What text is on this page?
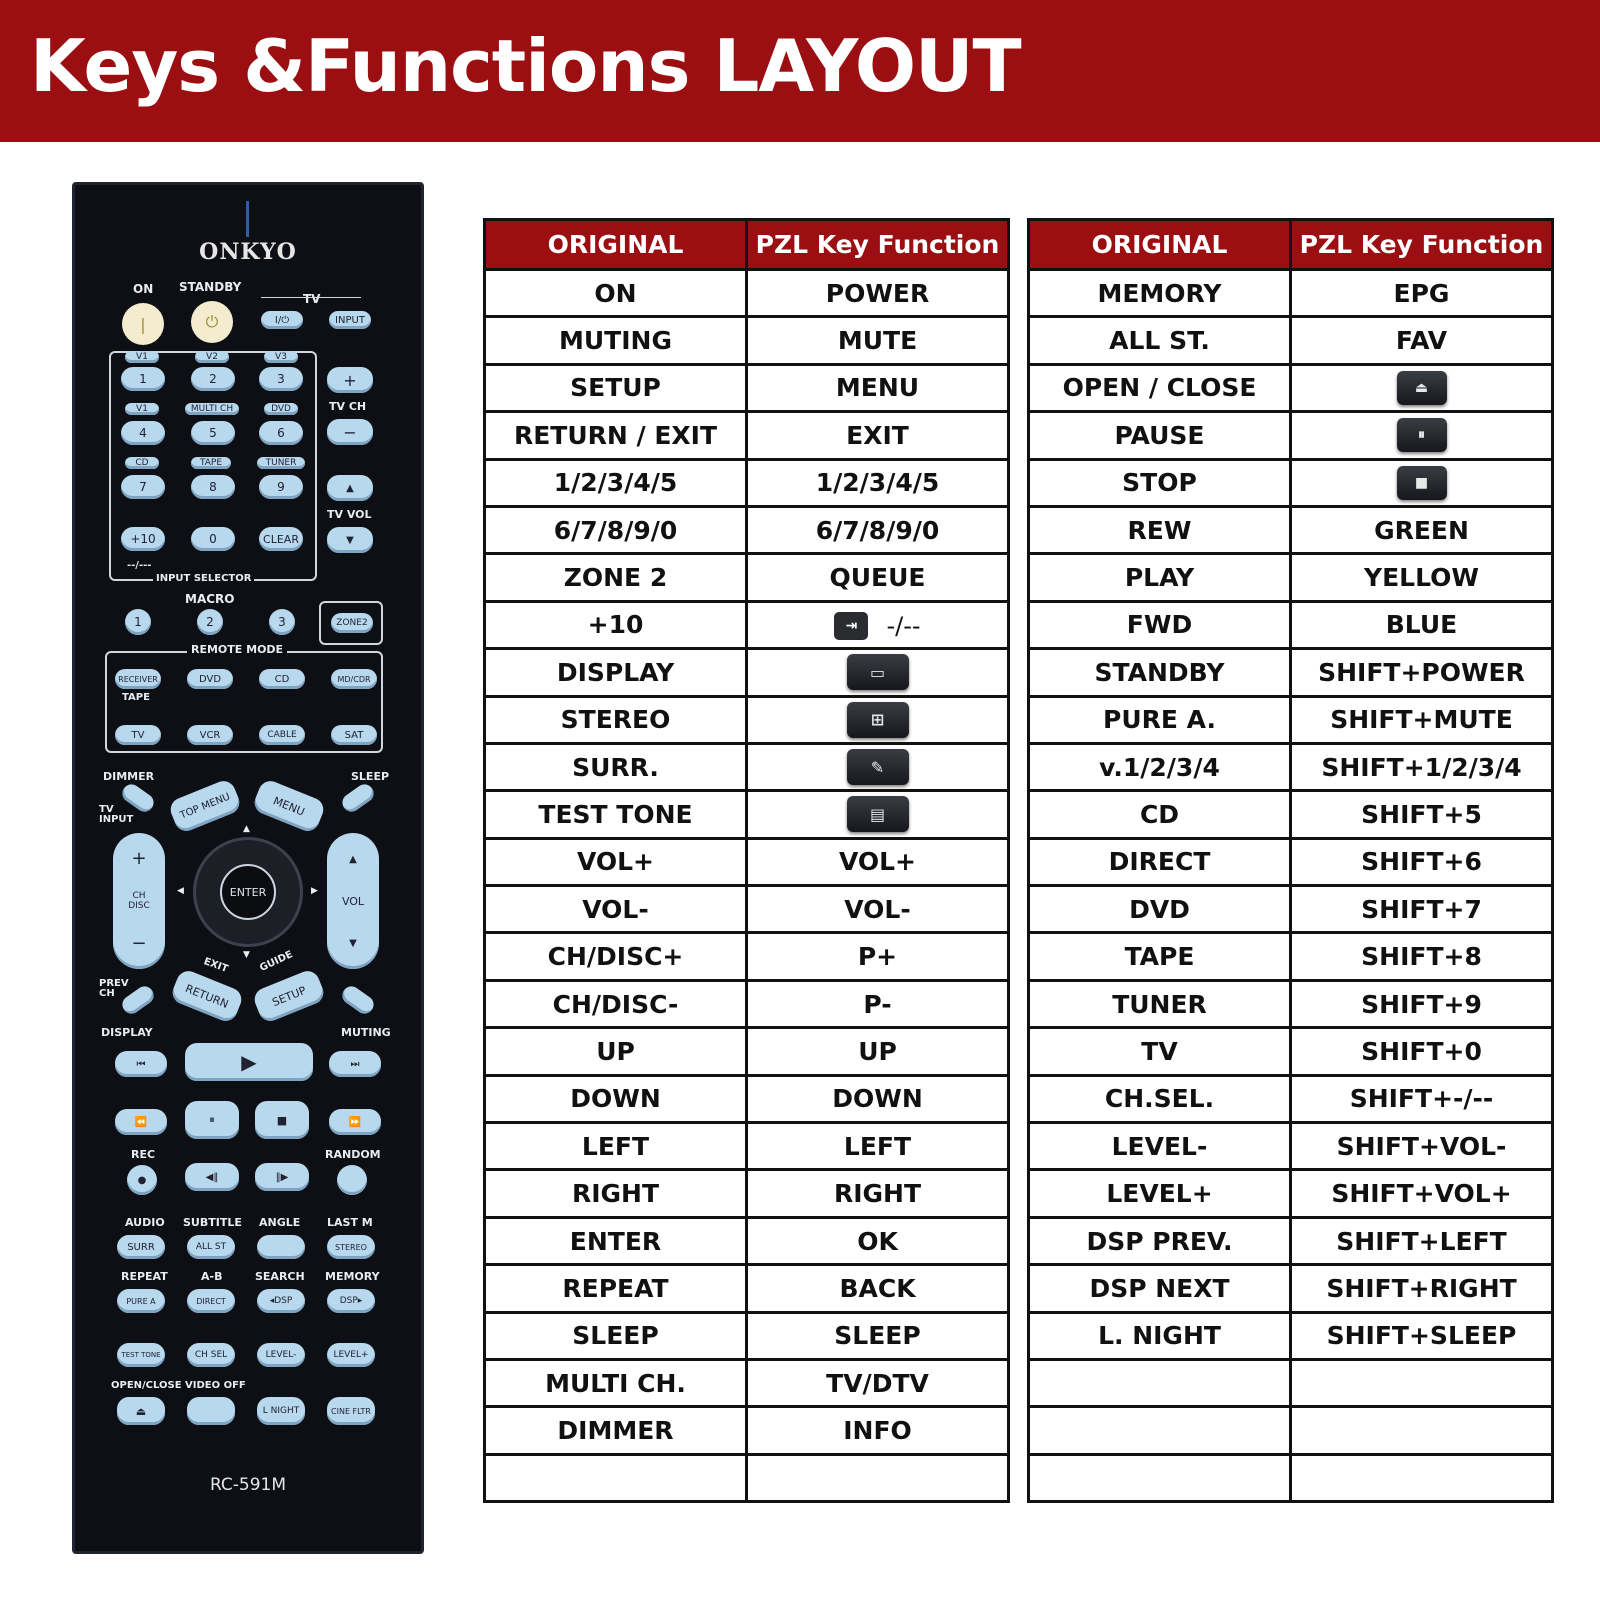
Keys &Functions LAYOUT
ONKYO
ON STANDBY
TV
|	⏻	I/⏻	INPUT
INPUT SELECTOR
V1	V2	V3
1	2	3
V1	MULTI CH	DVD
4	5	6
CD	TAPE	TUNER
7	8	9
+10	0	CLEAR
--/---
+
TV CH
−
▲
TV VOL
▼
MACRO
1	2	3	ZONE2
REMOTE MODE
RECEIVER
TAPE
DVD	CD	MD/CDR
TV	VCR	CABLE	SAT
DIMMER	SLEEP
TV INPUT	TOP MENU	MENU
+
CH DISC
−
▲
VOL
▼
ENTER
▲
▼
◀	▶
EXIT	GUIDE
RETURN	SETUP
PREV CH
DISPLAY	MUTING
⏮	▶	⏭
⏪	⏸	■	⏩
REC	RANDOM
●	◀‖	‖▶
AUDIO SUBTITLE ANGLE LAST M
SURR	ALL ST	STEREO
REPEAT	A-B	SEARCH MEMORY
PURE A	DIRECT	◂DSP	DSP▸
TEST TONE	CH SEL	LEVEL-	LEVEL+
OPEN/CLOSE VIDEO OFF
⏏	L NIGHT	CINE FLTR
RC-591M
ORIGINAL	PZL Key Function
ON	POWER
MUTING	MUTE
SETUP	MENU
RETURN / EXIT	EXIT
1/2/3/4/5	1/2/3/4/5
6/7/8/9/0	6/7/8/9/0
ZONE 2	QUEUE
+10	⇥ -/--
DISPLAY	▭
STEREO	⊞
SURR.	✎
TEST TONE	▤
VOL+	VOL+
VOL-	VOL-
CH/DISC+	P+
CH/DISC-	P-
UP	UP
DOWN	DOWN
LEFT	LEFT
RIGHT	RIGHT
ENTER	OK
REPEAT	BACK
SLEEP	SLEEP
MULTI CH.	TV/DTV
DIMMER	INFO

ORIGINAL	PZL Key Function
MEMORY	EPG
ALL ST.	FAV
OPEN / CLOSE	⏏
PAUSE	⏸
STOP	■
REW	GREEN
PLAY	YELLOW
FWD	BLUE
STANDBY	SHIFT+POWER
PURE A.	SHIFT+MUTE
v.1/2/3/4	SHIFT+1/2/3/4
CD	SHIFT+5
DIRECT	SHIFT+6
DVD	SHIFT+7
TAPE	SHIFT+8
TUNER	SHIFT+9
TV	SHIFT+0
CH.SEL.	SHIFT+-/--
LEVEL-	SHIFT+VOL-
LEVEL+	SHIFT+VOL+
DSP PREV.	SHIFT+LEFT
DSP NEXT	SHIFT+RIGHT
L. NIGHT	SHIFT+SLEEP
